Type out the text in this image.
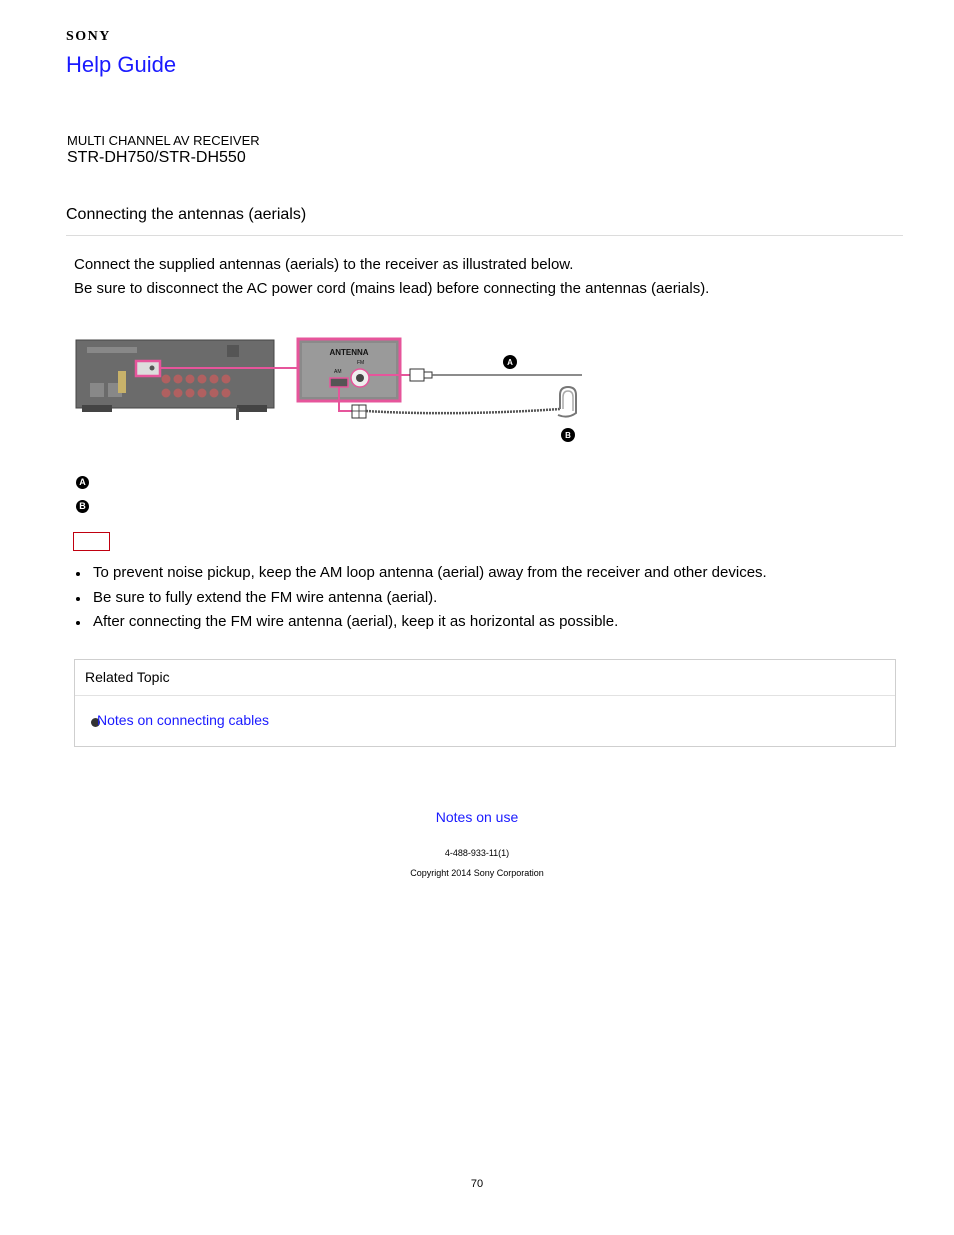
SONY
Help Guide
MULTI CHANNEL AV RECEIVER
STR-DH750/STR-DH550
Connecting the antennas (aerials)
Connect the supplied antennas (aerials) to the receiver as illustrated below.
Be sure to disconnect the AC power cord (mains lead) before connecting the antennas (aerials).
ANTENNA
FM
AM
A
B
A
B
To prevent noise pickup, keep the AM loop antenna (aerial) away from the receiver and other devices.
Be sure to fully extend the FM wire antenna (aerial).
After connecting the FM wire antenna (aerial), keep it as horizontal as possible.
Related Topic
Notes on connecting cables
Notes on use
4-488-933-11(1)
Copyright 2014 Sony Corporation
70
